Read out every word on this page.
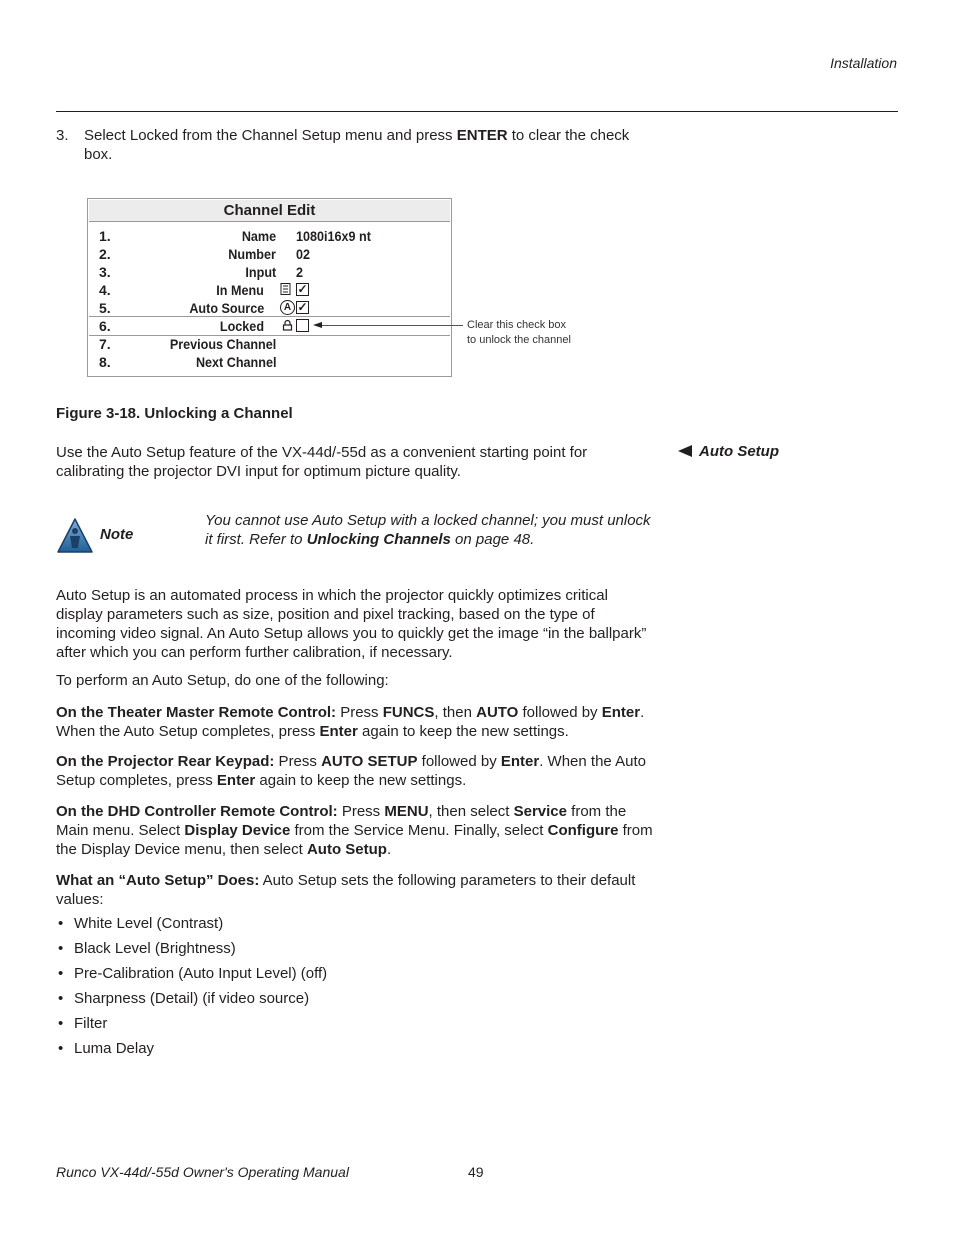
Installation
3. Select Locked from the Channel Setup menu and press ENTER to clear the check box.
Channel Edit
1.	Name 1080i16x9 nt
2.	Number 02
3.	Input 2
4.	In Menu	✓
5.	Auto Source	A ✓
6.	Locked
7.	Previous Channel
8.	Next Channel
Clear this check box
to unlock the channel
Figure 3-18. Unlocking a Channel
Auto Setup
Use the Auto Setup feature of the VX-44d/-55d as a convenient starting point for calibrating the projector DVI input for optimum picture quality.
Note
You cannot use Auto Setup with a locked channel; you must unlock it first. Refer to Unlocking Channels on page 48.
Auto Setup is an automated process in which the projector quickly optimizes critical display parameters such as size, position and pixel tracking, based on the type of incoming video signal. An Auto Setup allows you to quickly get the image “in the ballpark” after which you can perform further calibration, if necessary.
To perform an Auto Setup, do one of the following:
On the Theater Master Remote Control: Press FUNCS, then AUTO followed by Enter. When the Auto Setup completes, press Enter again to keep the new settings.
On the Projector Rear Keypad: Press AUTO SETUP followed by Enter. When the Auto Setup completes, press Enter again to keep the new settings.
On the DHD Controller Remote Control: Press MENU, then select Service from the Main menu. Select Display Device from the Service Menu. Finally, select Configure from the Display Device menu, then select Auto Setup.
What an “Auto Setup” Does: Auto Setup sets the following parameters to their default values:
• White Level (Contrast)
• Black Level (Brightness)
• Pre-Calibration (Auto Input Level) (off)
• Sharpness (Detail) (if video source)
• Filter
• Luma Delay
Runco VX-44d/-55d Owner's Operating Manual	49
